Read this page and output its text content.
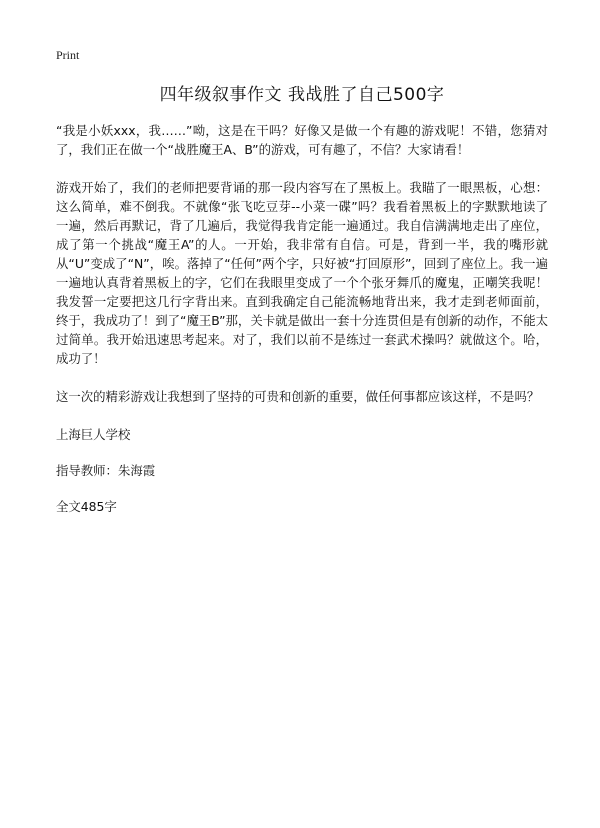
Print
四年级叙事作文 我战胜了自己500字

“我是小妖xxx，我……”呦，这是在干吗？好像又是做一个有趣的游戏呢！不错，您猜对了，我们正在做一个“战胜魔王A、B”的游戏，可有趣了，不信？大家请看！

游戏开始了，我们的老师把要背诵的那一段内容写在了黑板上。我瞄了一眼黑板，心想：这么简单，难不倒我。不就像“张飞吃豆芽--小菜一碟”吗？我看着黑板上的字默默地读了一遍，然后再默记，背了几遍后，我觉得我肯定能一遍通过。我自信满满地走出了座位，成了第一个挑战“魔王A”的人。一开始，我非常有自信。可是，背到一半，我的嘴形就从“U”变成了“N”，唉。落掉了“任何”两个字，只好被“打回原形”，回到了座位上。我一遍一遍地认真背着黑板上的字，它们在我眼里变成了一个个张牙舞爪的魔鬼，正嘲笑我呢！我发誓一定要把这几行字背出来。直到我确定自己能流畅地背出来，我才走到老师面前，终于，我成功了！到了“魔王B”那，关卡就是做出一套十分连贯但是有创新的动作，不能太过简单。我开始迅速思考起来。对了，我们以前不是练过一套武术操吗？就做这个。哈，成功了！

这一次的精彩游戏让我想到了坚持的可贵和创新的重要，做任何事都应该这样，不是吗？

上海巨人学校

指导教师：朱海霞

全文485字
